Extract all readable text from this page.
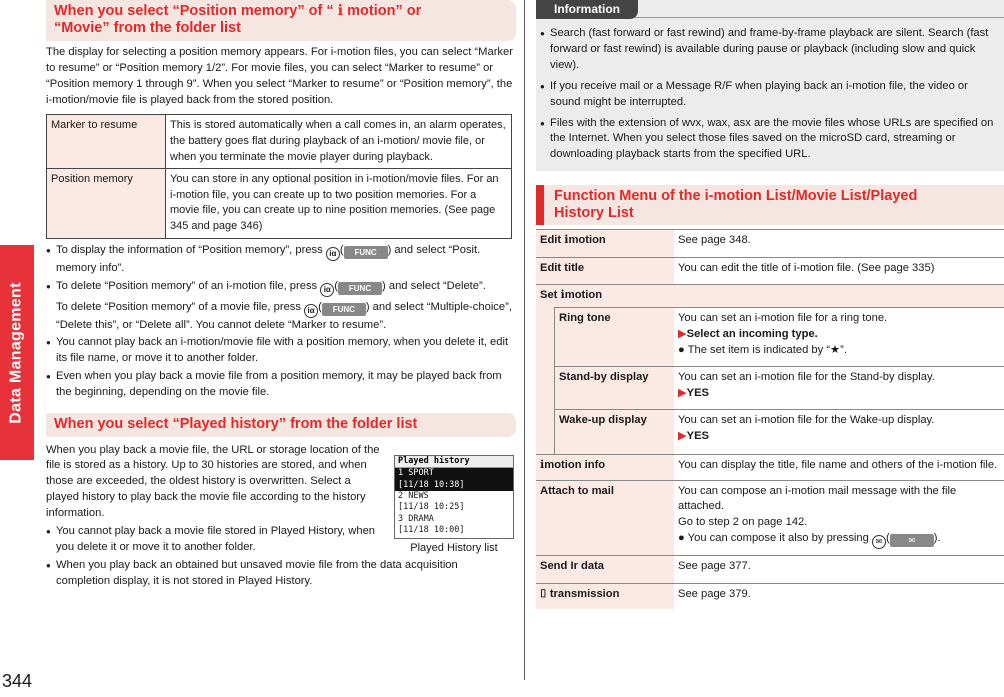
Data Management
344
When you select “Position memory” of “ ℹ motion” or
“Movie” from the folder list

The display for selecting a position memory appears. For i-motion files, you can select “Marker to resume” or “Position memory 1/2”. For movie files, you can select “Marker to resume” or “Position memory 1 through 9”. When you select “Marker to resume” or “Position memory”, the i-motion/movie file is played back from the stored position.

Marker to resume	This is stored automatically when a call comes in, an alarm operates, the battery goes flat during playback of an i-motion/ movie file, or when you terminate the movie player during playback.
Position memory	You can store in any optional position in i-motion/movie files. For an i-motion file, you can create up to two position memories. For a movie file, you can create up to nine position memories. (See page 345 and page 346)
● To display the information of “Position memory”, press iα ( FUNC ) and select “Posit. memory info”.
● To delete “Position memory” of an i-motion file, press iα ( FUNC ) and select “Delete”.
To delete “Position memory” of a movie file, press iα ( FUNC ) and select “Multiple-choice”, “Delete this”, or “Delete all”. You cannot delete “Marker to resume”.
● You cannot play back an i-motion/movie file with a position memory, when you delete it, edit its file name, or move it to another folder.
● Even when you play back a movie file from a position memory, it may be played back from the beginning, depending on the movie file.
When you select “Played history” from the folder list

When you play back a movie file, the URL or storage location of the file is stored as a history. Up to 30 histories are stored, and when those are exceeded, the oldest history is overwritten. Select a played history to play back the movie file according to the history information.

● You cannot play back a movie file stored in Played History, when you delete it or move it to another folder.
● When you play back an obtained but unsaved movie file from the data acquisition completion display, it is not stored in Played History.
Played history
1 SPORT
[11/18 10:38]
2 NEWS
[11/18 10:25]
3 DRAMA
[11/18 10:00]
Played History list
Information
● Search (fast forward or fast rewind) and frame-by-frame playback are silent. Search (fast forward or fast rewind) is available during pause or playback (including slow and quick view).
● If you receive mail or a Message R/F when playing back an i-motion file, the video or sound might be interrupted.
● Files with the extension of wvx, wax, asx are the movie files whose URLs are specified on the Internet. When you select those files saved on the microSD card, streaming or downloading playback starts from the specified URL.
Function Menu of the i-motion List/Movie List/Played
History List
Edit ℹmotion	See page 348.
Edit title	You can edit the title of i-motion file. (See page 335)
Set ℹmotion
Ring tone	You can set an i-motion file for a ring tone.
▶Select an incoming type.
● The set item is indicated by “★”.
Stand-by display	You can set an i-motion file for the Stand-by display.
▶YES
Wake-up display	You can set an i-motion file for the Wake-up display.
▶YES
ℹmotion info	You can display the title, file name and others of the i-motion file.
Attach to mail	You can compose an i-motion mail message with the file attached.
Go to step 2 on page 142.
● You can compose it also by pressing ✉ ( ✉ ).
Send Ir data	See page 377.
⌷ transmission	See page 379.
